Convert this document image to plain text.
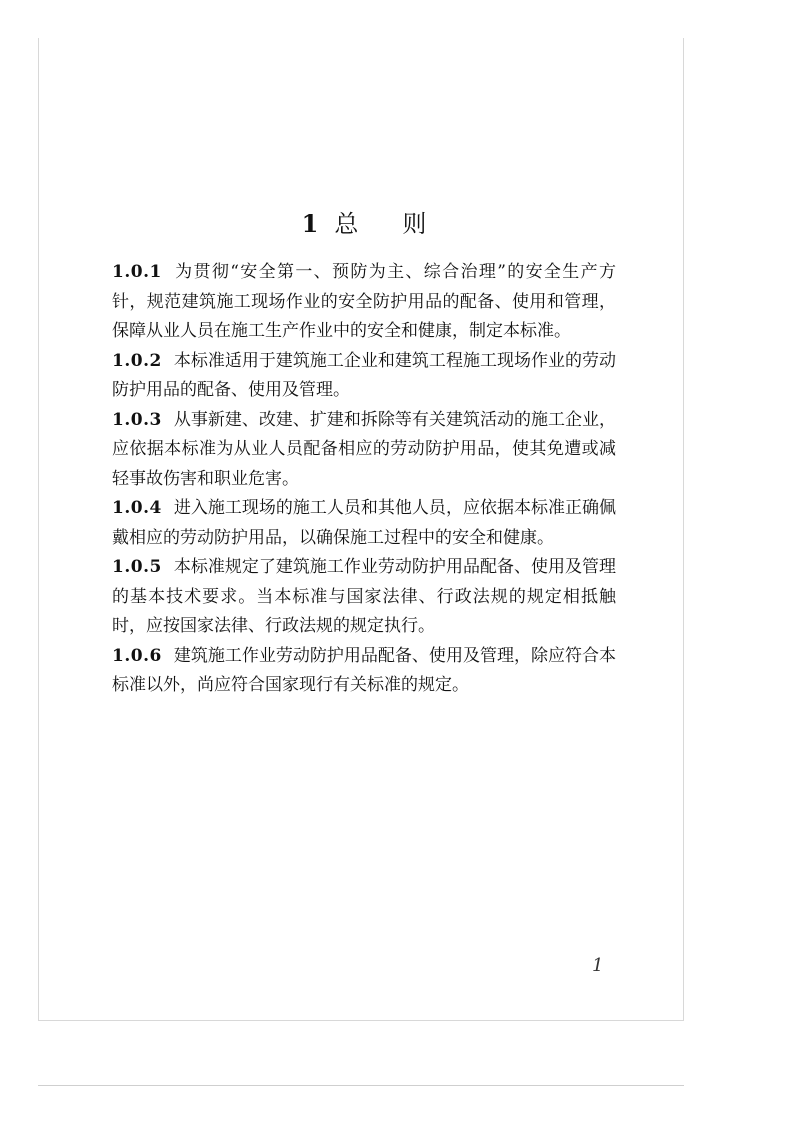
1 总 则

1.0.1 为贯彻“安全第一、预防为主、综合治理”的安全生产方针，规范建筑施工现场作业的安全防护用品的配备、使用和管理，保障从业人员在施工生产作业中的安全和健康，制定本标准。

1.0.2 本标准适用于建筑施工企业和建筑工程施工现场作业的劳动防护用品的配备、使用及管理。

1.0.3 从事新建、改建、扩建和拆除等有关建筑活动的施工企业，应依据本标准为从业人员配备相应的劳动防护用品，使其免遭或减轻事故伤害和职业危害。

1.0.4 进入施工现场的施工人员和其他人员，应依据本标准正确佩戴相应的劳动防护用品，以确保施工过程中的安全和健康。

1.0.5 本标准规定了建筑施工作业劳动防护用品配备、使用及管理的基本技术要求。当本标准与国家法律、行政法规的规定相抵触时，应按国家法律、行政法规的规定执行。

1.0.6 建筑施工作业劳动防护用品配备、使用及管理，除应符合本标准以外，尚应符合国家现行有关标准的规定。

1
